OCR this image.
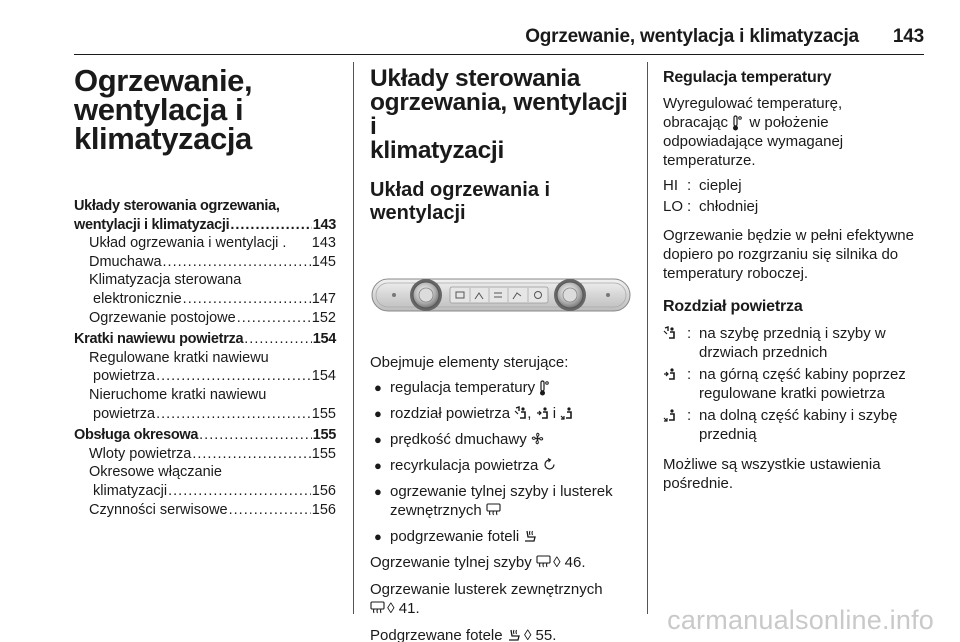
Ogrzewanie, wentylacja i klimatyzacja 143
Ogrzewanie,
wentylacja i
klimatyzacja
Układy sterowania ogrzewania,
wentylacji i klimatyzacji .....	143
Układ ogrzewania i wentylacji . 143
Dmuchawa .....	145
Klimatyzacja sterowana
elektronicznie .....	147
Ogrzewanie postojowe .....	152
Kratki nawiewu powietrza .....	154
Regulowane kratki nawiewu
powietrza .....	154
Nieruchome kratki nawiewu
powietrza .....	155
Obsługa okresowa .....	155
Wloty powietrza .....	155
Okresowe włączanie
klimatyzacji .....	156
Czynności serwisowe .....	156
Układy sterowania
ogrzewania, wentylacji i
klimatyzacji
Układ ogrzewania i
wentylacji
Obejmuje elementy sterujące:
● regulacja temperatury
● rozdział powietrza , i
● prędkość dmuchawy
● recyrkulacja powietrza
● ogrzewanie tylnej szyby i lusterek
zewnętrznych
● podgrzewanie foteli
Ogrzewanie tylnej szyby ◊ 46.
Ogrzewanie lusterek zewnętrznych

◊ 41.
Podgrzewane fotele ◊ 55.
Regulacja temperatury
Wyregulować temperaturę,
obracając w położenie
odpowiadające wymaganej
temperaturze.
HI : cieplej
LO : chłodniej
Ogrzewanie będzie w pełni efektywne
dopiero po rozgrzaniu się silnika do
temperatury roboczej.
Rozdział powietrza
: na szybę przednią i szyby w
drzwiach przednich
: na górną część kabiny poprzez
regulowane kratki powietrza
: na dolną część kabiny i szybę
przednią
Możliwe są wszystkie ustawienia
pośrednie.
carmanualsonline.info
